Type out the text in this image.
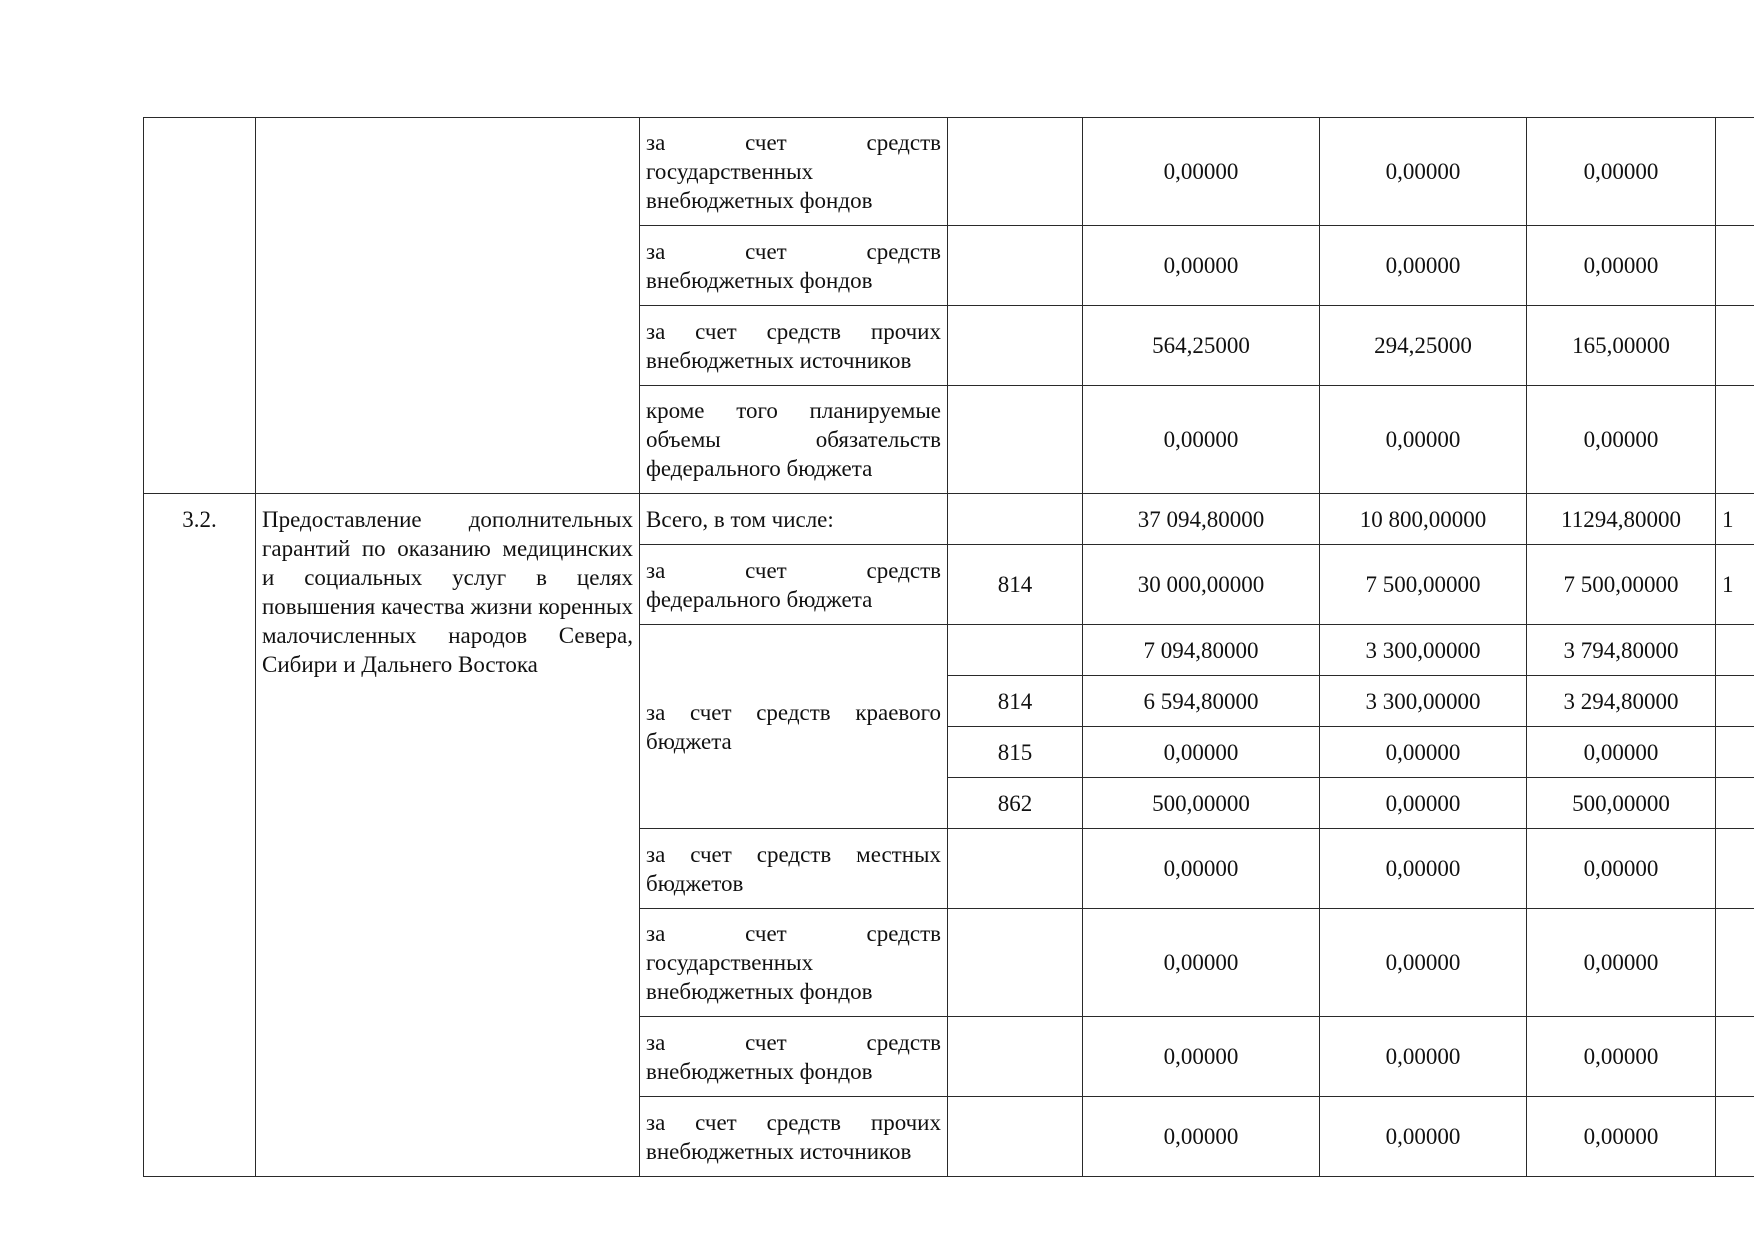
		за счет средств
государственных
внебюджетных фондов		0,00000	0,00000	0,00000	

		за счет средств
внебюджетных фондов		0,00000	0,00000	0,00000	

		за счет средств прочих
внебюджетных источников		564,25000	294,25000	165,00000	

		кроме того планируемые
объемы обязательств
федерального бюджета		0,00000	0,00000	0,00000	
3.2.	Предоставление дополнительных гарантий по оказанию медицинских и социальных услуг в целях повышения качества жизни коренных малочисленных народов Севера, Сибири и Дальнего Востока	Всего, в том числе:		37 094,80000	10 800,00000	11294,80000	1

		за счет средств
федерального бюджета	814	30 000,00000	7 500,00000	7 500,00000	1
		за счет средств краевого бюджета		7 094,80000	3 300,00000	3 794,80000	
			814	6 594,80000	3 300,00000	3 294,80000	
			815	0,00000	0,00000	0,00000	
			862	500,00000	0,00000	500,00000	

		за счет средств местных
бюджетов		0,00000	0,00000	0,00000	

		за счет средств
государственных
внебюджетных фондов		0,00000	0,00000	0,00000	

		за счет средств
внебюджетных фондов		0,00000	0,00000	0,00000	

		за счет средств прочих
внебюджетных источников		0,00000	0,00000	0,00000	
